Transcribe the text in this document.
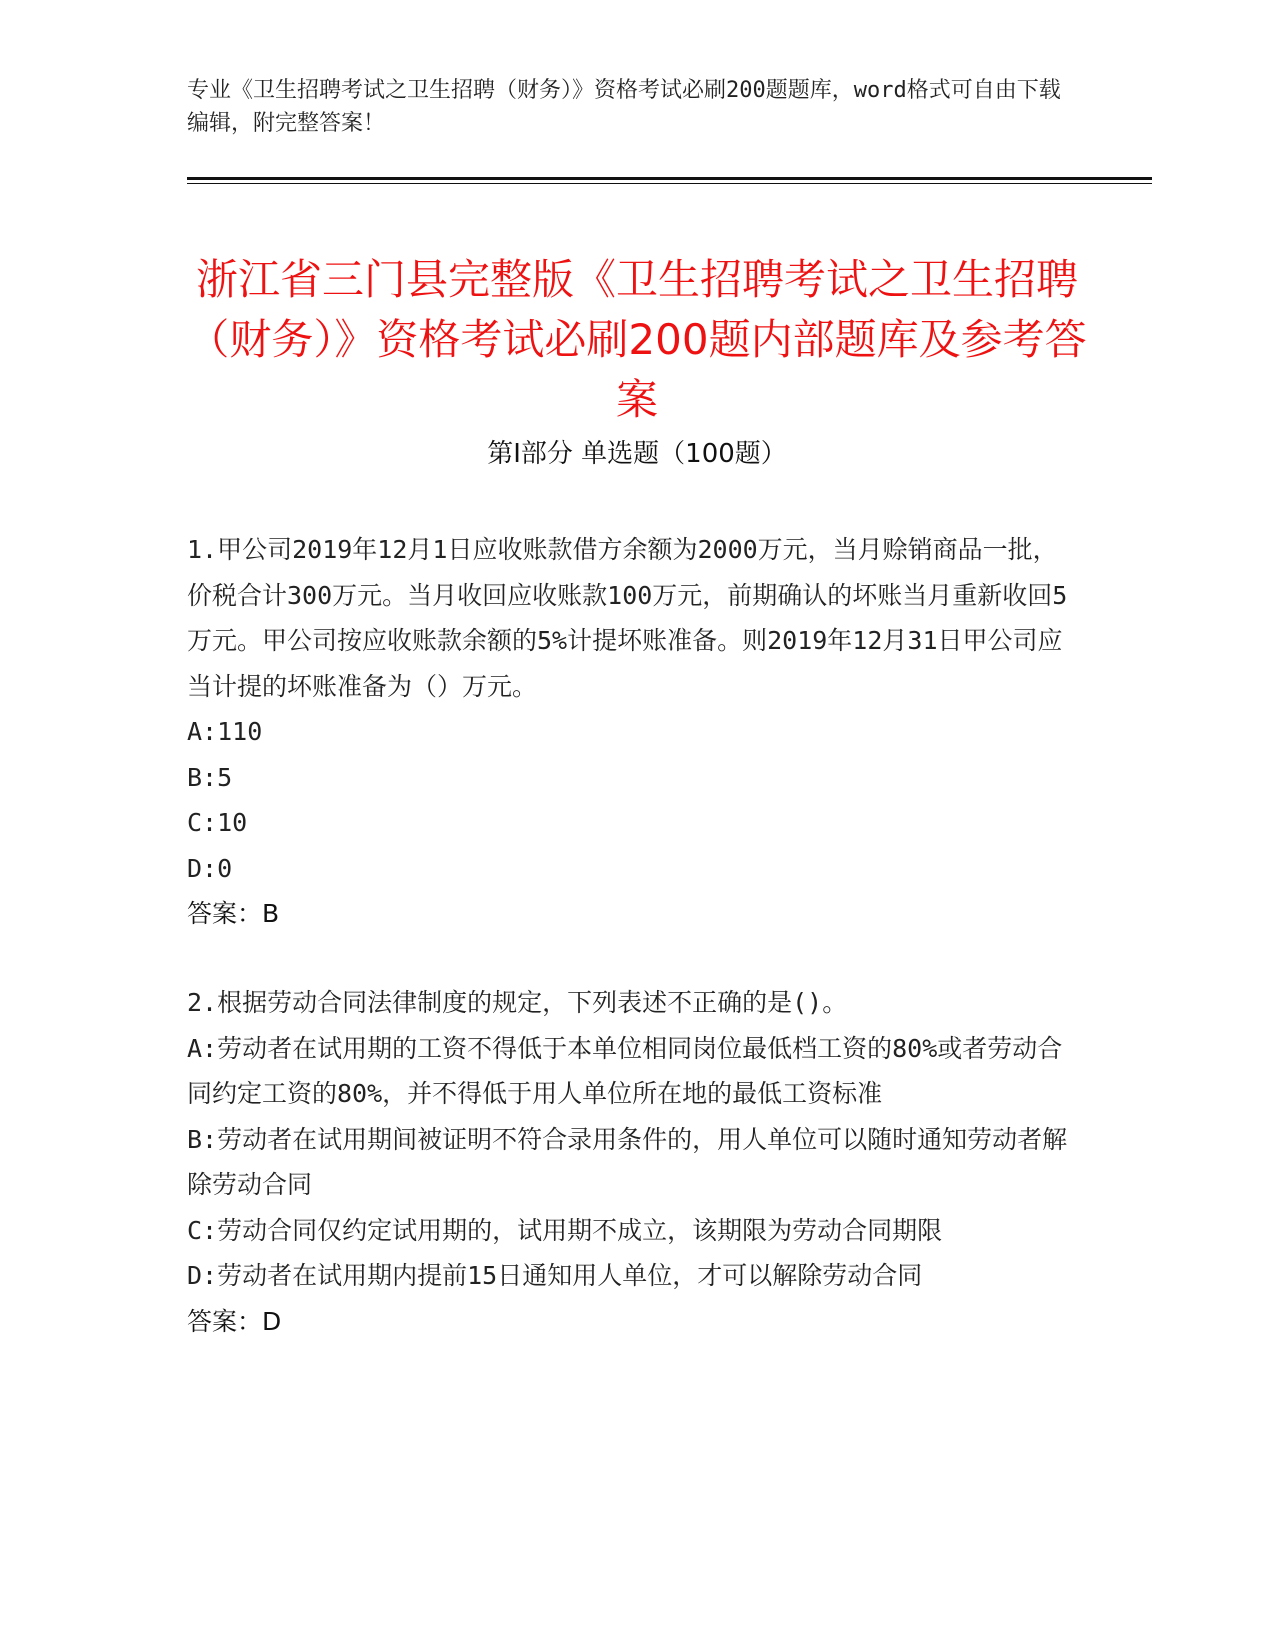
专业《卫生招聘考试之卫生招聘（财务）》资格考试必刷200题题库，word格式可自由下载编辑，附完整答案！
浙江省三门县完整版《卫生招聘考试之卫生招聘（财务）》资格考试必刷200题内部题库及参考答案
第I部分 单选题（100题）

1.甲公司2019年12月1日应收账款借方余额为2000万元，当月赊销商品一批，价税合计300万元。当月收回应收账款100万元，前期确认的坏账当月重新收回5万元。甲公司按应收账款余额的5%计提坏账准备。则2019年12月31日甲公司应当计提的坏账准备为（）万元。

A:110

B:5

C:10

D:0

答案：B

2.根据劳动合同法律制度的规定，下列表述不正确的是()。

A:劳动者在试用期的工资不得低于本单位相同岗位最低档工资的80%或者劳动合同约定工资的80%，并不得低于用人单位所在地的最低工资标准

B:劳动者在试用期间被证明不符合录用条件的，用人单位可以随时通知劳动者解除劳动合同

C:劳动合同仅约定试用期的，试用期不成立，该期限为劳动合同期限

D:劳动者在试用期内提前15日通知用人单位，才可以解除劳动合同

答案：D
